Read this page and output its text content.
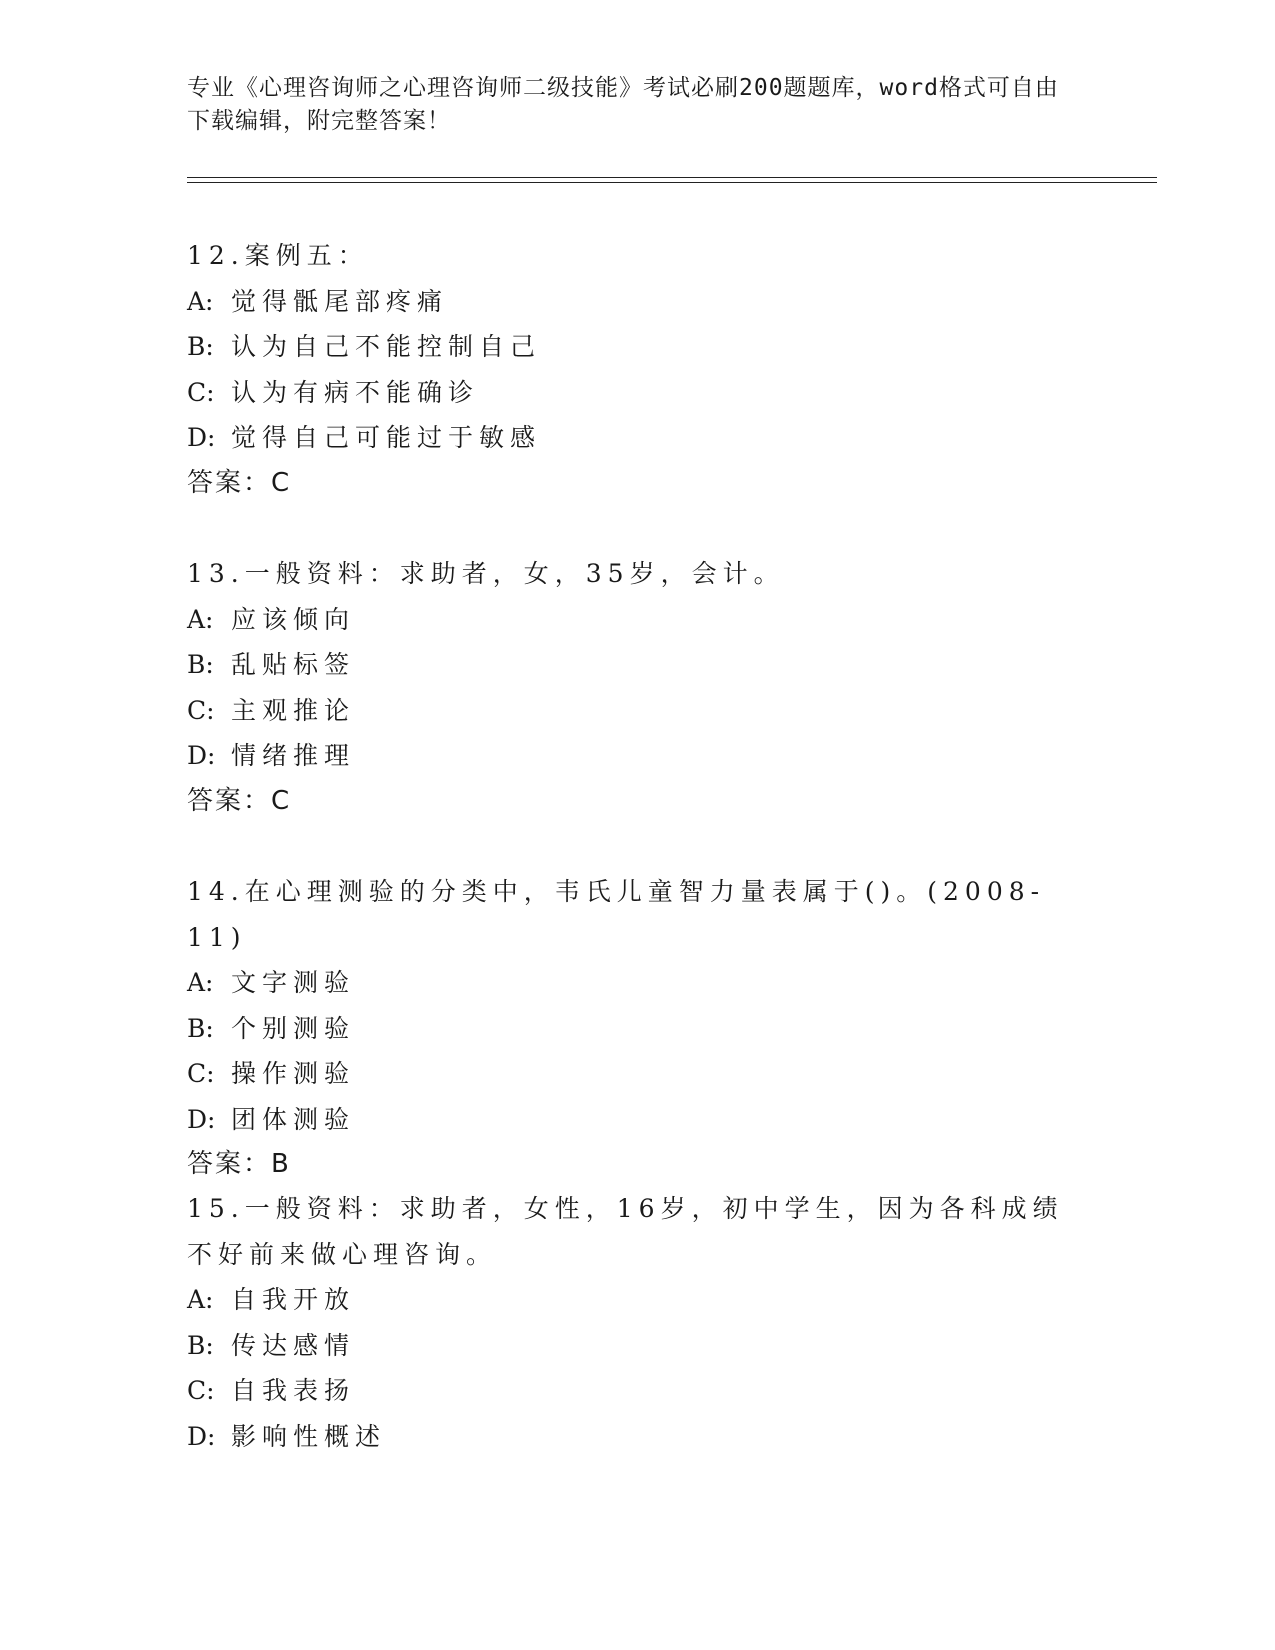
专业《心理咨询师之心理咨询师二级技能》考试必刷200题题库，word格式可自由下载编辑，附完整答案！
12.案例五：
A: 觉得骶尾部疼痛
B: 认为自己不能控制自己
C: 认为有病不能确诊
D: 觉得自己可能过于敏感
答案：C
13.一般资料：求助者，女，35岁，会计。
A: 应该倾向
B: 乱贴标签
C: 主观推论
D: 情绪推理
答案：C
14.在心理测验的分类中，韦氏儿童智力量表属于()。(2008-11)
A: 文字测验
B: 个别测验
C: 操作测验
D: 团体测验
答案：B
15.一般资料：求助者，女性，16岁，初中学生，因为各科成绩不好前来做心理咨询。
A: 自我开放
B: 传达感情
C: 自我表扬
D: 影响性概述
